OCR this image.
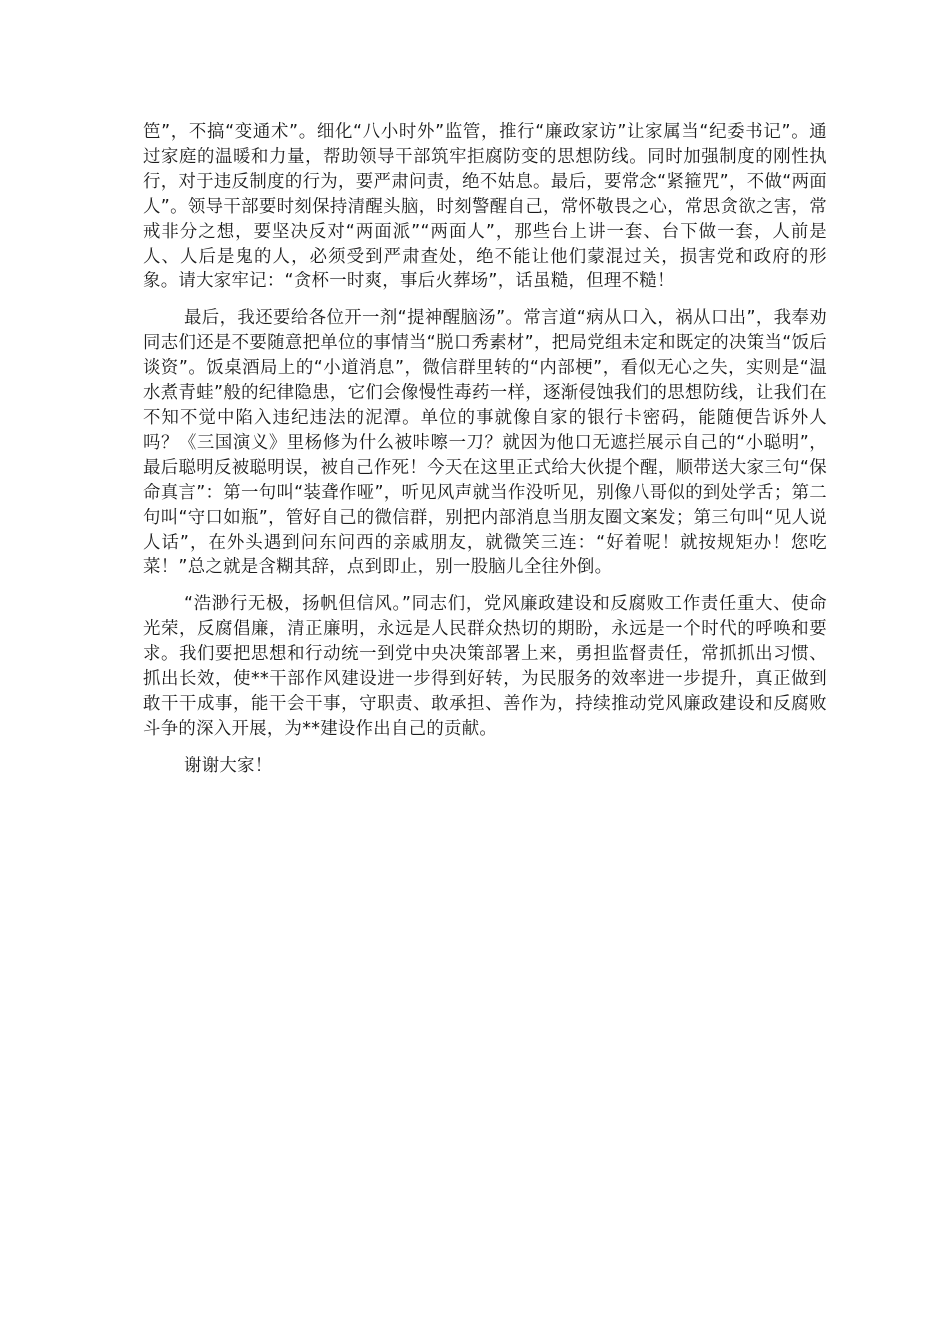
笆”，不搞“变通术”。细化“八小时外”监管，推行“廉政家访”让家属当“纪委书记”。通过家庭的温暖和力量，帮助领导干部筑牢拒腐防变的思想防线。同时加强制度的刚性执行，对于违反制度的行为，要严肃问责，绝不姑息。最后，要常念“紧箍咒”，不做“两面人”。领导干部要时刻保持清醒头脑，时刻警醒自己，常怀敬畏之心，常思贪欲之害，常戒非分之想，要坚决反对“两面派”“两面人”，那些台上讲一套、台下做一套，人前是人、人后是鬼的人，必须受到严肃查处，绝不能让他们蒙混过关，损害党和政府的形象。请大家牢记：“贪杯一时爽，事后火葬场”，话虽糙，但理不糙！

最后，我还要给各位开一剂“提神醒脑汤”。常言道“病从口入，祸从口出”，我奉劝同志们还是不要随意把单位的事情当“脱口秀素材”，把局党组未定和既定的决策当“饭后谈资”。饭桌酒局上的“小道消息”，微信群里转的“内部梗”，看似无心之失，实则是“温水煮青蛙”般的纪律隐患，它们会像慢性毒药一样，逐渐侵蚀我们的思想防线，让我们在不知不觉中陷入违纪违法的泥潭。单位的事就像自家的银行卡密码，能随便告诉外人吗？《三国演义》里杨修为什么被咔嚓一刀？就因为他口无遮拦展示自己的“小聪明”，最后聪明反被聪明误，被自己作死！今天在这里正式给大伙提个醒，顺带送大家三句“保命真言”：第一句叫“装聋作哑”，听见风声就当作没听见，别像八哥似的到处学舌；第二句叫“守口如瓶”，管好自己的微信群，别把内部消息当朋友圈文案发；第三句叫“见人说人话”，在外头遇到问东问西的亲戚朋友，就微笑三连：“好着呢！就按规矩办！您吃菜！”总之就是含糊其辞，点到即止，别一股脑儿全往外倒。

“浩渺行无极，扬帆但信风。”同志们，党风廉政建设和反腐败工作责任重大、使命光荣，反腐倡廉，清正廉明，永远是人民群众热切的期盼，永远是一个时代的呼唤和要求。我们要把思想和行动统一到党中央决策部署上来，勇担监督责任，常抓抓出习惯、抓出长效，使**干部作风建设进一步得到好转，为民服务的效率进一步提升，真正做到敢干干成事，能干会干事，守职责、敢承担、善作为，持续推动党风廉政建设和反腐败斗争的深入开展，为**建设作出自己的贡献。

谢谢大家！
